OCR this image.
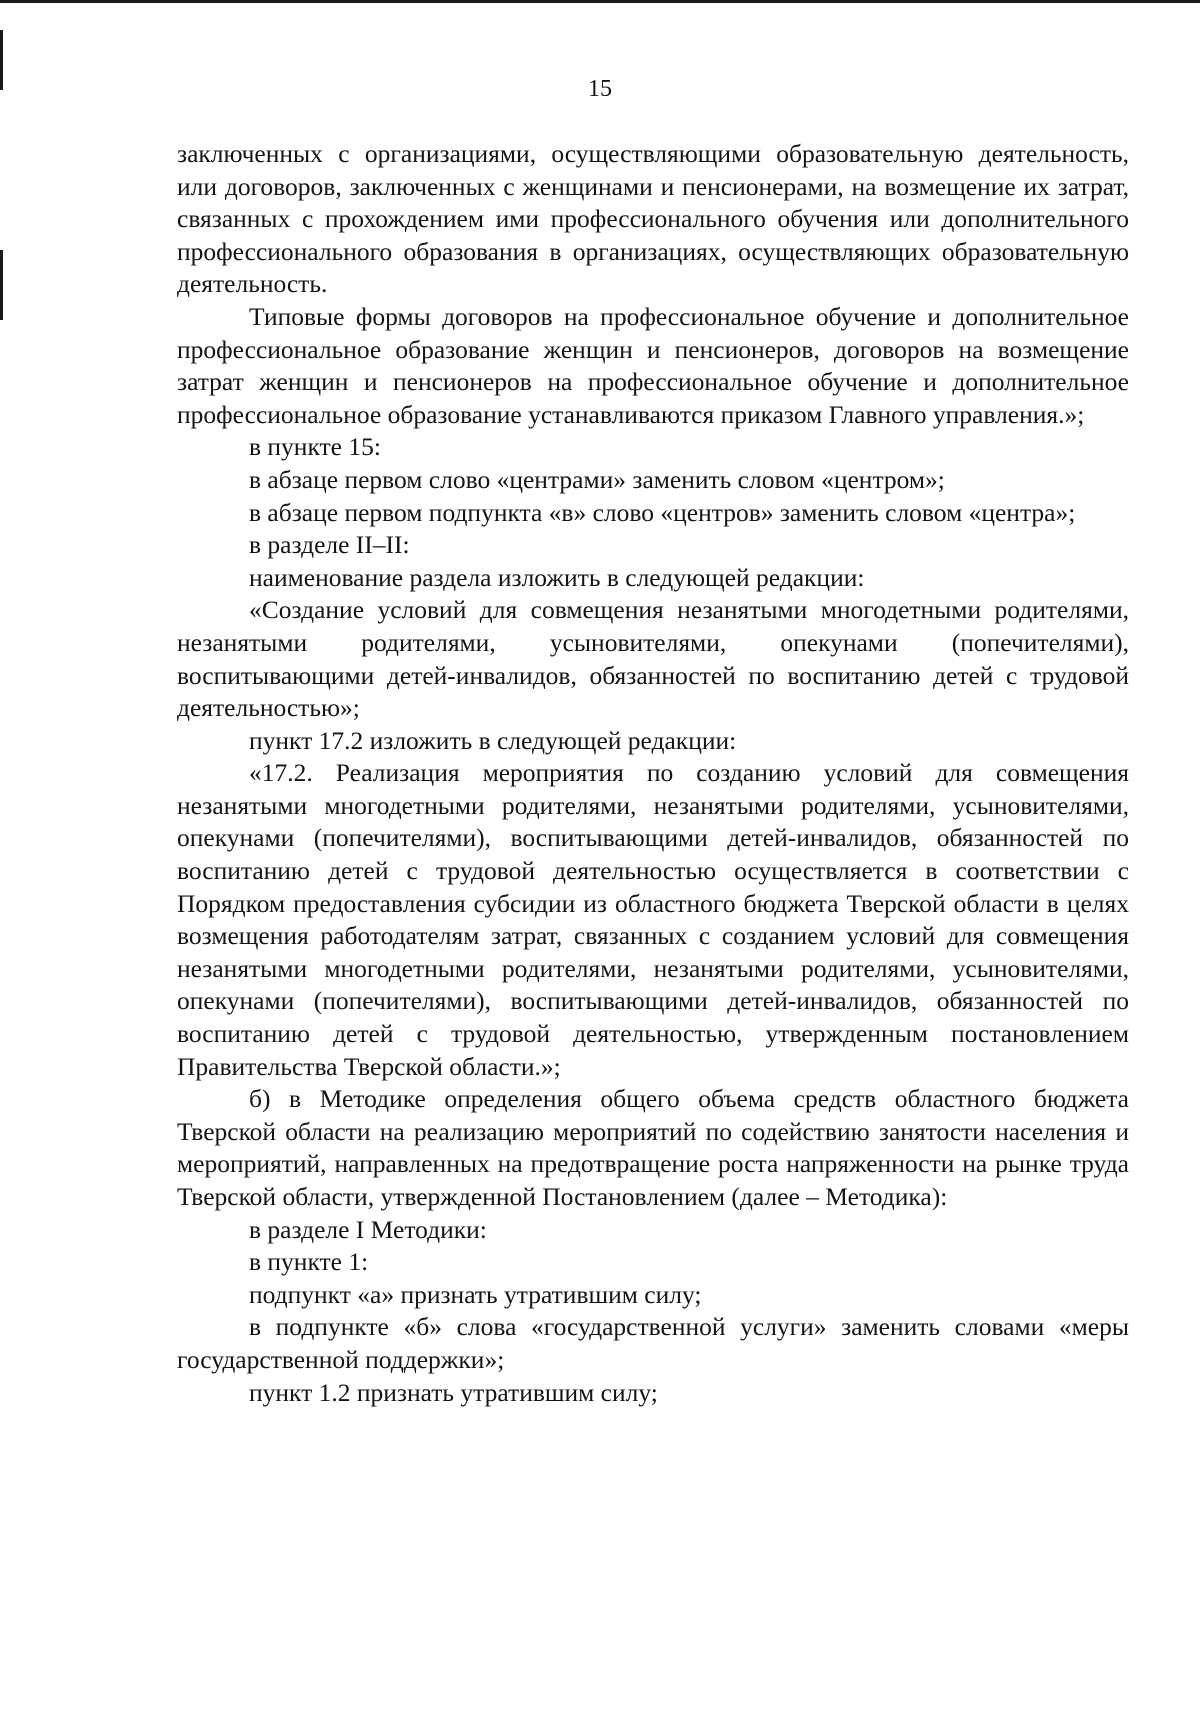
15

заключенных с организациями, осуществляющими образовательную деятельность, или договоров, заключенных с женщинами и пенсионерами, на возмещение их затрат, связанных с прохождением ими профессионального обучения или дополнительного профессионального образования в организациях, осуществляющих образовательную деятельность.

Типовые формы договоров на профессиональное обучение и дополнительное профессиональное образование женщин и пенсионеров, договоров на возмещение затрат женщин и пенсионеров на профессиональное обучение и дополнительное профессиональное образование устанавливаются приказом Главного управления.»;

в пункте 15:

в абзаце первом слово «центрами» заменить словом «центром»;

в абзаце первом подпункта «в» слово «центров» заменить словом «центра»;

в разделе II–II:

наименование раздела изложить в следующей редакции:

«Создание условий для совмещения незанятыми многодетными родителями, незанятыми родителями, усыновителями, опекунами (попечителями), воспитывающими детей-инвалидов, обязанностей по воспитанию детей с трудовой деятельностью»;

пункт 17.2 изложить в следующей редакции:

«17.2. Реализация мероприятия по созданию условий для совмещения незанятыми многодетными родителями, незанятыми родителями, усыновителями, опекунами (попечителями), воспитывающими детей-инвалидов, обязанностей по воспитанию детей с трудовой деятельностью осуществляется в соответствии с Порядком предоставления субсидии из областного бюджета Тверской области в целях возмещения работодателям затрат, связанных с созданием условий для совмещения незанятыми многодетными родителями, незанятыми родителями, усыновителями, опекунами (попечителями), воспитывающими детей-инвалидов, обязанностей по воспитанию детей с трудовой деятельностью, утвержденным постановлением Правительства Тверской области.»;

б) в Методике определения общего объема средств областного бюджета Тверской области на реализацию мероприятий по содействию занятости населения и мероприятий, направленных на предотвращение роста напряженности на рынке труда Тверской области, утвержденной Постановлением (далее – Методика):

в разделе I Методики:

в пункте 1:

подпункт «а» признать утратившим силу;

в подпункте «б» слова «государственной услуги» заменить словами «меры государственной поддержки»;

пункт 1.2 признать утратившим силу;
